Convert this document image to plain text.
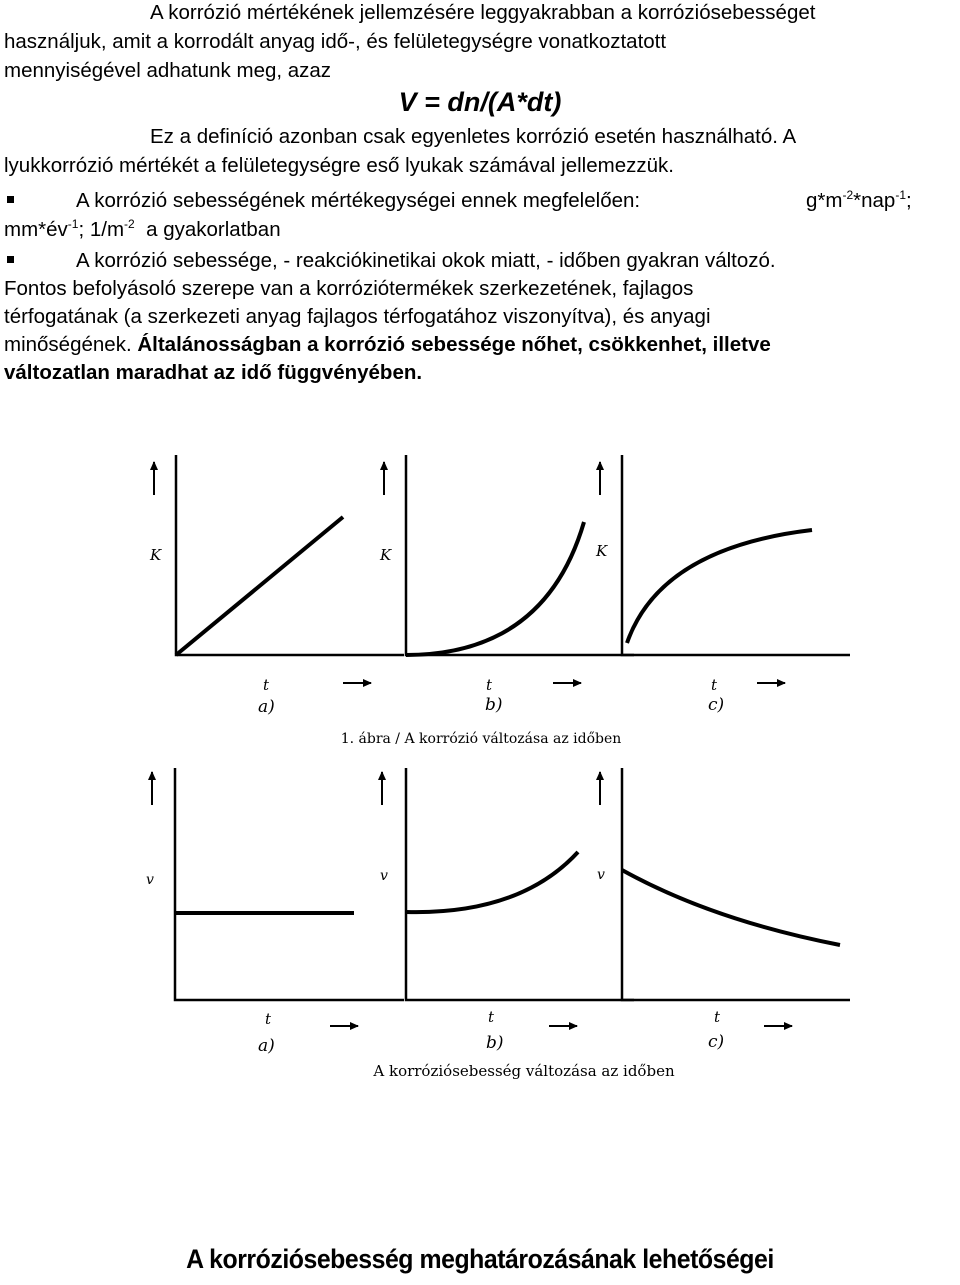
A korrózió mértékének jellemzésére leggyakrabban a korróziósebességet
használjuk, amit a korrodált anyag idő-, és felületegységre vonatkoztatott
mennyiségével adhatunk meg, azaz
V = dn/(A*dt)
Ez a definíció azonban csak egyenletes korrózió esetén használható. A
lyukkorrózió mértékét a felületegységre eső lyukak számával jellemezzük.
A korrózió sebességének mértékegységei ennek megfelelően:	$g*m^{-2}*nap^{-1}$;
$mm*év^{-1}$; $1/m^{-2}$ a gyakorlatban
A korrózió sebessége, - reakciókinetikai okok miatt, - időben gyakran változó.
Fontos befolyásoló szerepe van a korróziótermékek szerkezetének, fajlagos
térfogatának (a szerkezeti anyag fajlagos térfogatához viszonyítva), és anyagi
minőségének. Általánosságban a korrózió sebessége nőhet, csökkenhet, illetve
változatlan maradhat az idő függvényében.
K	K	K
t	t	t
a)	b)	c)
1. ábra / A korrózió változása az időben
v	v	v
t	t	t
a)	b)	c)
A korróziósebesség változása az időben
A korróziósebesség meghatározásának lehetőségei
